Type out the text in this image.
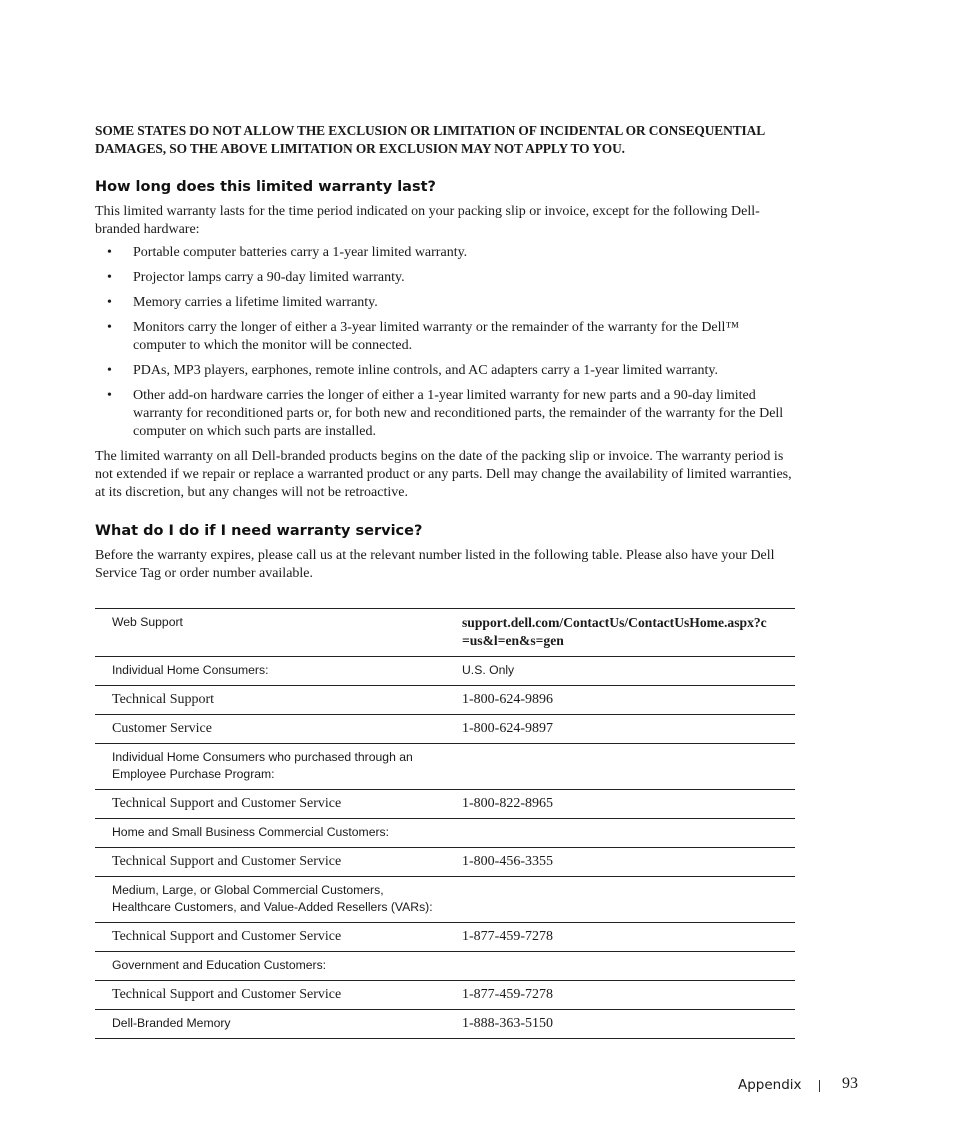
SOME STATES DO NOT ALLOW THE EXCLUSION OR LIMITATION OF INCIDENTAL OR CONSEQUENTIAL DAMAGES, SO THE ABOVE LIMITATION OR EXCLUSION MAY NOT APPLY TO YOU.

How long does this limited warranty last?

This limited warranty lasts for the time period indicated on your packing slip or invoice, except for the following Dell-branded hardware:

• Portable computer batteries carry a 1-year limited warranty.
• Projector lamps carry a 90-day limited warranty.
• Memory carries a lifetime limited warranty.
• Monitors carry the longer of either a 3-year limited warranty or the remainder of the warranty for the Dell™ computer to which the monitor will be connected.
• PDAs, MP3 players, earphones, remote inline controls, and AC adapters carry a 1-year limited warranty.
• Other add-on hardware carries the longer of either a 1-year limited warranty for new parts and a 90-day limited warranty for reconditioned parts or, for both new and reconditioned parts, the remainder of the warranty for the Dell computer on which such parts are installed.

The limited warranty on all Dell-branded products begins on the date of the packing slip or invoice. The warranty period is not extended if we repair or replace a warranted product or any parts. Dell may change the availability of limited warranties, at its discretion, but any changes will not be retroactive.

What do I do if I need warranty service?

Before the warranty expires, please call us at the relevant number listed in the following table. Please also have your Dell Service Tag or order number available.

Web Support	support.dell.com/ContactUs/ContactUsHome.aspx?c =us&l=en&s=gen
Individual Home Consumers:	U.S. Only
Technical Support	1-800-624-9896
Customer Service	1-800-624-9897

Individual Home Consumers who purchased through an Employee Purchase Program:	

Technical Support and Customer Service	1-800-822-8965
Home and Small Business Commercial Customers:	
Technical Support and Customer Service	1-800-456-3355

Medium, Large, or Global Commercial Customers, Healthcare Customers, and Value-Added Resellers (VARs):	

Technical Support and Customer Service	1-877-459-7278
Government and Education Customers:	
Technical Support and Customer Service	1-877-459-7278
Dell-Branded Memory	1-888-363-5150
Appendix	93
